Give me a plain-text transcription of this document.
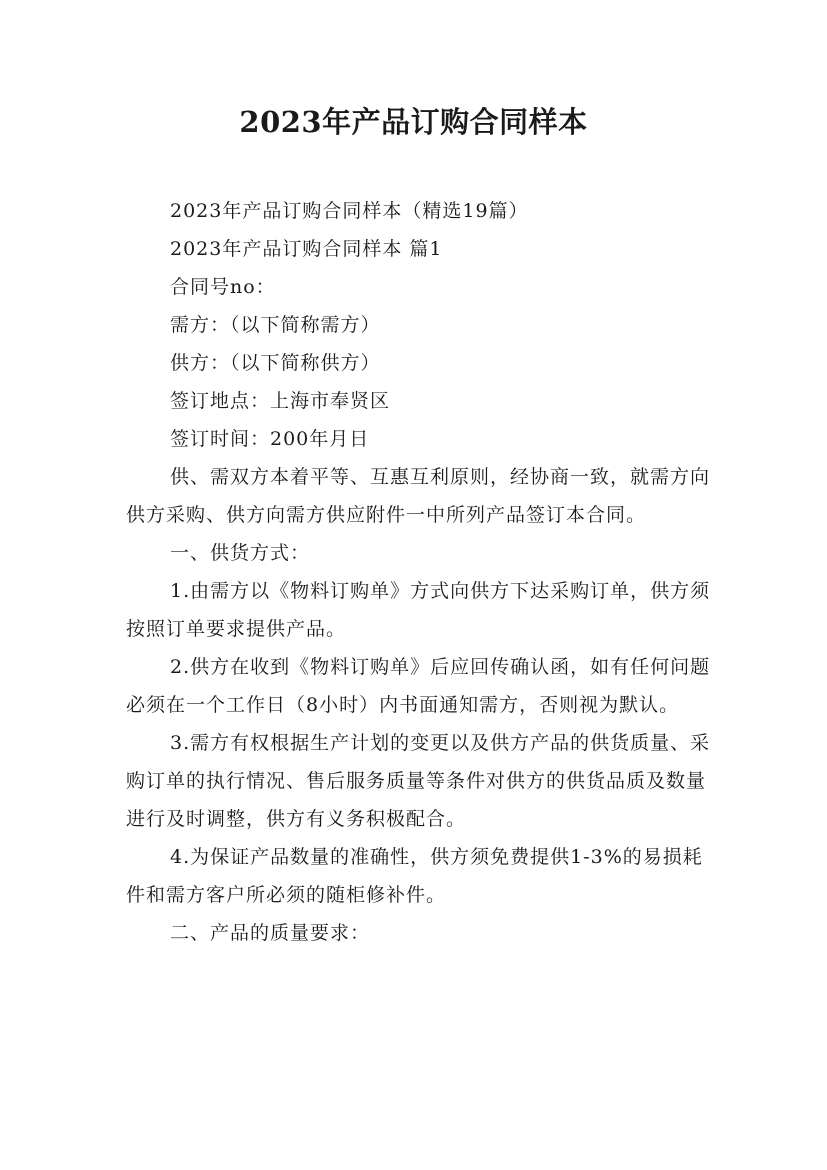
2023年产品订购合同样本

2023年产品订购合同样本（精选19篇）

2023年产品订购合同样本 篇1

合同号no：

需方：（以下简称需方）

供方：（以下简称供方）

签订地点：上海市奉贤区

签订时间：200年月日

供、需双方本着平等、互惠互利原则，经协商一致，就需方向供方采购、供方向需方供应附件一中所列产品签订本合同。

一、供货方式：

1.由需方以《物料订购单》方式向供方下达采购订单，供方须按照订单要求提供产品。

2.供方在收到《物料订购单》后应回传确认函，如有任何问题必须在一个工作日（8小时）内书面通知需方，否则视为默认。

3.需方有权根据生产计划的变更以及供方产品的供货质量、采购订单的执行情况、售后服务质量等条件对供方的供货品质及数量进行及时调整，供方有义务积极配合。

4.为保证产品数量的准确性，供方须免费提供1-3%的易损耗件和需方客户所必须的随柜修补件。

二、产品的质量要求：
